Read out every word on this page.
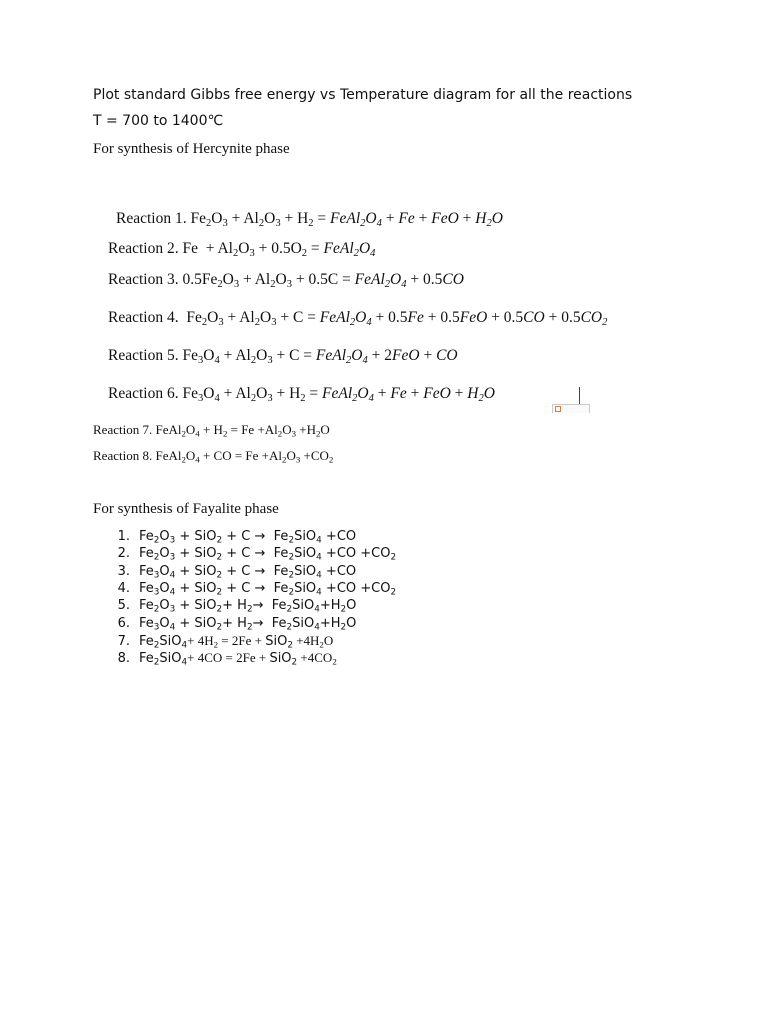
Plot standard Gibbs free energy vs Temperature diagram for all the reactions
T = 700 to 1400℃
For synthesis of Hercynite phase
Reaction 1. $Fe_2O_3 + Al_2O_3 + H_2$ = $FeAl_2O_4 + Fe$ + FeO + $H_2O$
Reaction 2. $Fe + Al_2O_3 + 0.5O_2$ = $FeAl_2O_4$
Reaction 3. $0.5Fe_2O_3 + Al_2O_3 + 0.5C$ = $FeAl_2O_4 + 0.5CO$
Reaction 4.  $Fe_2O_3 + Al_2O_3 + C$ = $FeAl_2O_4 + 0.5Fe + 0.5FeO + 0.5CO + 0.5CO_2$
Reaction 5. $Fe_3O_4 + Al_2O_3 + C$ = $FeAl_2O_4 + 2FeO$ + CO
Reaction 6. $Fe_3O_4 + Al_2O_3 + H_2$ = $FeAl_2O_4 + Fe$ + FeO + $H_2O$
Reaction 7. $FeAl_2O_4 + H_2 = Fe +Al_2O_3 +H_2O$
Reaction 8. $FeAl_2O_4$ + CO = $Fe +Al_2O_3 +CO_2$
For synthesis of Fayalite phase
1. $Fe_2O_3 + SiO_2 + C \to Fe_2SiO_4 +CO$
2. $Fe_2O_3 + SiO_2 + C \to Fe_2SiO_4 +CO +CO_2$
3. $Fe_3O_4 + SiO_2 + C \to Fe_2SiO_4 +CO$
4. $Fe_3O_4 + SiO_2 + C \to Fe_2SiO_4 +CO +CO_2$
5. $Fe_2O_3 + SiO_2+ H_2\to Fe_2SiO_4+H_2O$
6. $Fe_3O_4 + SiO_2+ H_2\to Fe_2SiO_4+H_2O$
7. $Fe_2SiO_4+ 4H_2 = 2Fe + SiO_2 +4H_2O$
8. $Fe_2SiO_4+ 4CO = 2Fe + SiO_2 +4CO_2$
